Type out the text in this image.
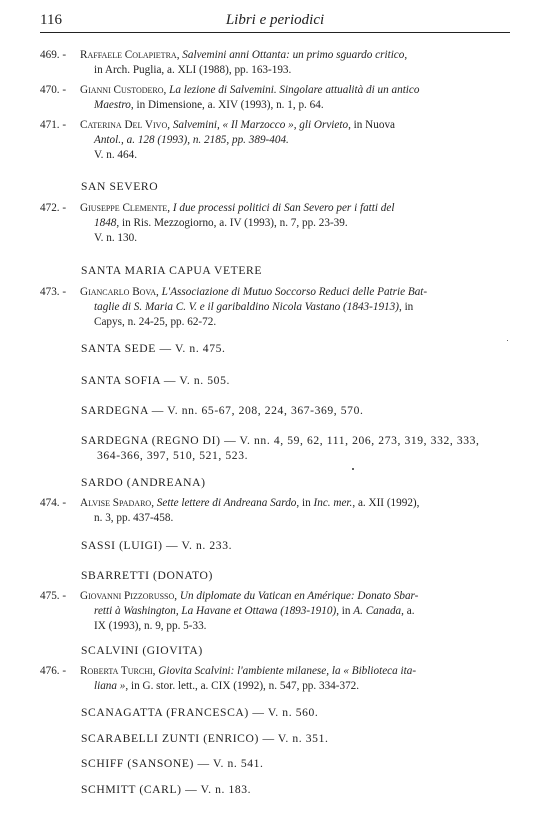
116	Libri e periodici
469. -	Raffaele Colapietra, Salvemini anni Ottanta: un primo sguardo critico,
in Arch. Puglia, a. XLI (1988), pp. 163-193.
470. -	Gianni Custodero, La lezione di Salvemini. Singolare attualità di un antico
Maestro, in Dimensione, a. XIV (1993), n. 1, p. 64.
471. -	Caterina Del Vivo, Salvemini, « Il Marzocco », gli Orvieto, in Nuova
Antol., a. 128 (1993), n. 2185, pp. 389-404.
V. n. 464.
SAN SEVERO
472. -	Giuseppe Clemente, I due processi politici di San Severo per i fatti del
1848, in Ris. Mezzogiorno, a. IV (1993), n. 7, pp. 23-39.
V. n. 130.
SANTA MARIA CAPUA VETERE
473. -	Giancarlo Bova, L'Associazione di Mutuo Soccorso Reduci delle Patrie Bat-
taglie di S. Maria C. V. e il garibaldino Nicola Vastano (1843-1913), in
Capys, n. 24-25, pp. 62-72.
SANTA SEDE — V. n. 475.
SANTA SOFIA — V. n. 505.
SARDEGNA — V. nn. 65-67, 208, 224, 367-369, 570.
SARDEGNA (REGNO DI) — V. nn. 4, 59, 62, 111, 206, 273, 319, 332, 333,
364-366, 397, 510, 521, 523.
SARDO (ANDREANA)
474. -	Alvise Spadaro, Sette lettere di Andreana Sardo, in Inc. mer., a. XII (1992),
n. 3, pp. 437-458.
SASSI (LUIGI) — V. n. 233.
SBARRETTI (DONATO)
475. -	Giovanni Pizzorusso, Un diplomate du Vatican en Amérique: Donato Sbar-
retti à Washington, La Havane et Ottawa (1893-1910), in A. Canada, a.
IX (1993), n. 9, pp. 5-33.
SCALVINI (GIOVITA)
476. -	Roberta Turchi, Giovita Scalvini: l'ambiente milanese, la « Biblioteca ita-
liana », in G. stor. lett., a. CIX (1992), n. 547, pp. 334-372.
SCANAGATTA (FRANCESCA) — V. n. 560.
SCARABELLI ZUNTI (ENRICO) — V. n. 351.
SCHIFF (SANSONE) — V. n. 541.
SCHMITT (CARL) — V. n. 183.
